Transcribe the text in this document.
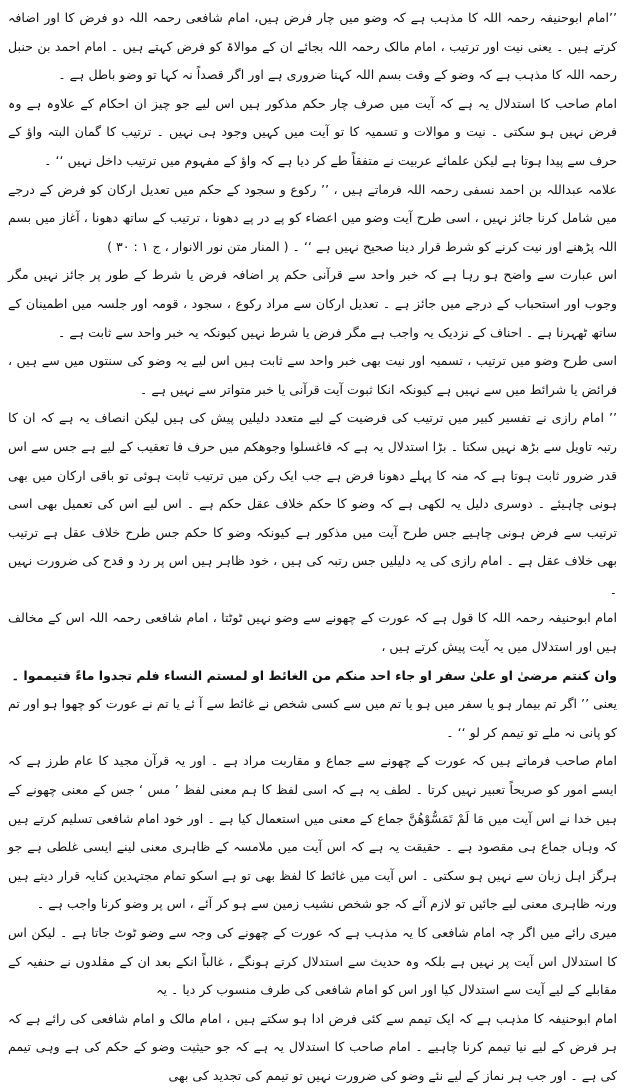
’’امام ابوحنیفہ رحمہ اللہ کا مذہب ہے کہ وضو میں چار فرض ہیں، امام شافعی رحمہ اللہ دو فرض کا اور اضافہ کرتے ہیں ۔ یعنی نیت اور ترتیب ، امام مالک رحمہ اللہ بجائے ان کے موالاۃ کو فرض کہتے ہیں ۔ امام احمد بن حنبل رحمہ اللہ کا مذہب ہے کہ وضو کے وقت بسم اللہ کہنا ضروری ہے اور اگر قصداً نہ کہا تو وضو باطل ہے ۔

امام صاحب کا استدلال یہ ہے کہ آیت میں صرف چار حکم مذکور ہیں اس لیے جو چیز ان احکام کے علاوہ ہے وہ فرض نہیں ہو سکتی ۔ نیت و موالات و تسمیہ کا تو آیت میں کہیں وجود ہی نہیں ۔ ترتیب کا گمان البتہ واؤ کے حرف سے پیدا ہوتا ہے لیکن علمائے عربیت نے متفقاً طے کر دیا ہے کہ واؤ کے مفہوم میں ترتیب داخل نہیں ‘‘ ۔

علامہ عبداللہ بن احمد نسفی رحمہ اللہ فرماتے ہیں ، ’’ رکوع و سجود کے حکم میں تعدیل ارکان کو فرض کے درجے میں شامل کرنا جائز نہیں ، اسی طرح آیت وضو میں اعضاء کو پے در پے دھونا ، ترتیب کے ساتھ دھونا ، آغاز میں بسم اللہ پڑھنے اور نیت کرنے کو شرط قرار دینا صحیح نہیں ہے ‘‘ ۔ ( المنار متن نور الانوار ، ج ۱ : ۳۰ )

اس عبارت سے واضح ہو رہا ہے کہ خبر واحد سے قرآنی حکم پر اضافہ فرض یا شرط کے طور پر جائز نہیں مگر وجوب اور استحباب کے درجے میں جائز ہے ۔ تعدیل ارکان سے مراد رکوع ، سجود ، قومہ اور جلسہ میں اطمینان کے ساتھ ٹھہرنا ہے ۔ احناف کے نزدیک یہ واجب ہے مگر فرض یا شرط نہیں کیونکہ یہ خبر واحد سے ثابت ہے ۔

اسی طرح وضو میں ترتیب ، تسمیہ اور نیت بھی خبر واحد سے ثابت ہیں اس لیے یہ وضو کی سنتوں میں سے ہیں ، فرائض یا شرائط میں سے نہیں ہے کیونکہ انکا ثبوت آیت قرآنی یا خبر متواتر سے نہیں ہے ۔

’’ امام رازی نے تفسیر کبیر میں ترتیب کی فرضیت کے لیے متعدد دلیلیں پیش کی ہیں لیکن انصاف یہ ہے کہ ان کا رتبہ تاویل سے بڑھ نہیں سکتا ۔ بڑا استدلال یہ ہے کہ فاغسلوا وجوھکم میں حرف فا تعقیب کے لیے ہے جس سے اس قدر ضرور ثابت ہوتا ہے کہ منہ کا پہلے دھونا فرض ہے جب ایک رکن میں ترتیب ثابت ہوئی تو باقی ارکان میں بھی ہونی چاہیئے ۔ دوسری دلیل یہ لکھی ہے کہ وضو کا حکم خلاف عقل حکم ہے ۔ اس لیے اس کی تعمیل بھی اسی ترتیب سے فرض ہونی چاہیے جس طرح آیت میں مذکور ہے کیونکہ وضو کا حکم جس طرح خلاف عقل ہے ترتیب بھی خلاف عقل ہے ۔ امام رازی کی یہ دلیلیں جس رتبہ کی ہیں ، خود ظاہر ہیں اس پر رد و قدح کی ضرورت نہیں ۔

امام ابوحنیفہ رحمہ اللہ کا قول ہے کہ عورت کے چھونے سے وضو نہیں ٹوٹتا ، امام شافعی رحمہ اللہ اس کے مخالف ہیں اور استدلال میں یہ آیت پیش کرتے ہیں ،

وان کنتم مرضیٰ او علیٰ سفر او جاء احد منکم من الغائط او لمستم النساء فلم تجدوا ماءً فتیمموا ۔

یعنی ’’ اگر تم بیمار ہو یا سفر میں ہو یا تم میں سے کسی شخص نے غائط سے آ ئے یا تم نے عورت کو چھوا ہو اور تم کو پانی نہ ملے تو تیمم کر لو ‘‘ ۔

امام صاحب فرماتے ہیں کہ عورت کے چھونے سے جماع و مقاربت مراد ہے ۔ اور یہ قرآن مجید کا عام طرز ہے کہ ایسے امور کو صریحاً تعبیر نہیں کرتا ۔ لطف یہ ہے کہ اسی لفظ کا ہم معنی لفظ ’ مس ‘ جس کے معنی چھونے کے ہیں خدا نے اس آیت میں مَا لَمْ تَمَسُّوْهُنَّ جماع کے معنی میں استعمال کیا ہے ۔ اور خود امام شافعی تسلیم کرتے ہیں کہ وہاں جماع ہی مقصود ہے ۔ حقیقت یہ ہے کہ اس آیت میں ملامسہ کے ظاہری معنی لینے ایسی غلطی ہے جو ہرگز اہل زبان سے نہیں ہو سکتی ۔ اس آیت میں غائط کا لفظ بھی تو ہے اسکو تمام مجتہدین کنایہ قرار دیتے ہیں ورنہ ظاہری معنی لیے جائیں تو لازم آئے کہ جو شخص نشیب زمین سے ہو کر آئے ، اس پر وضو کرنا واجب ہے ۔

میری رائے میں اگر چہ امام شافعی کا یہ مذہب ہے کہ عورت کے چھونے کی وجہ سے وضو ٹوٹ جاتا ہے ۔ لیکن اس کا استدلال اس آیت پر نہیں ہے بلکہ وہ حدیث سے استدلال کرتے ہونگے ، غالباً انکے بعد ان کے مقلدوں نے حنفیہ کے مقابلے کے لیے آیت سے استدلال کیا اور اس کو امام شافعی کی طرف منسوب کر دیا ۔ یہ

امام ابوحنیفہ کا مذہب ہے کہ ایک تیمم سے کئی فرض ادا ہو سکتے ہیں ، امام مالک و امام شافعی کی رائے ہے کہ ہر فرض کے لیے نیا تیمم کرنا چاہیے ۔ امام صاحب کا استدلال یہ ہے کہ جو حیثیت وضو کے حکم کی ہے وہی تیمم کی ہے ۔ اور جب ہر نماز کے لیے نئے وضو کی ضرورت نہیں تو تیمم کی تجدید کی بھی
